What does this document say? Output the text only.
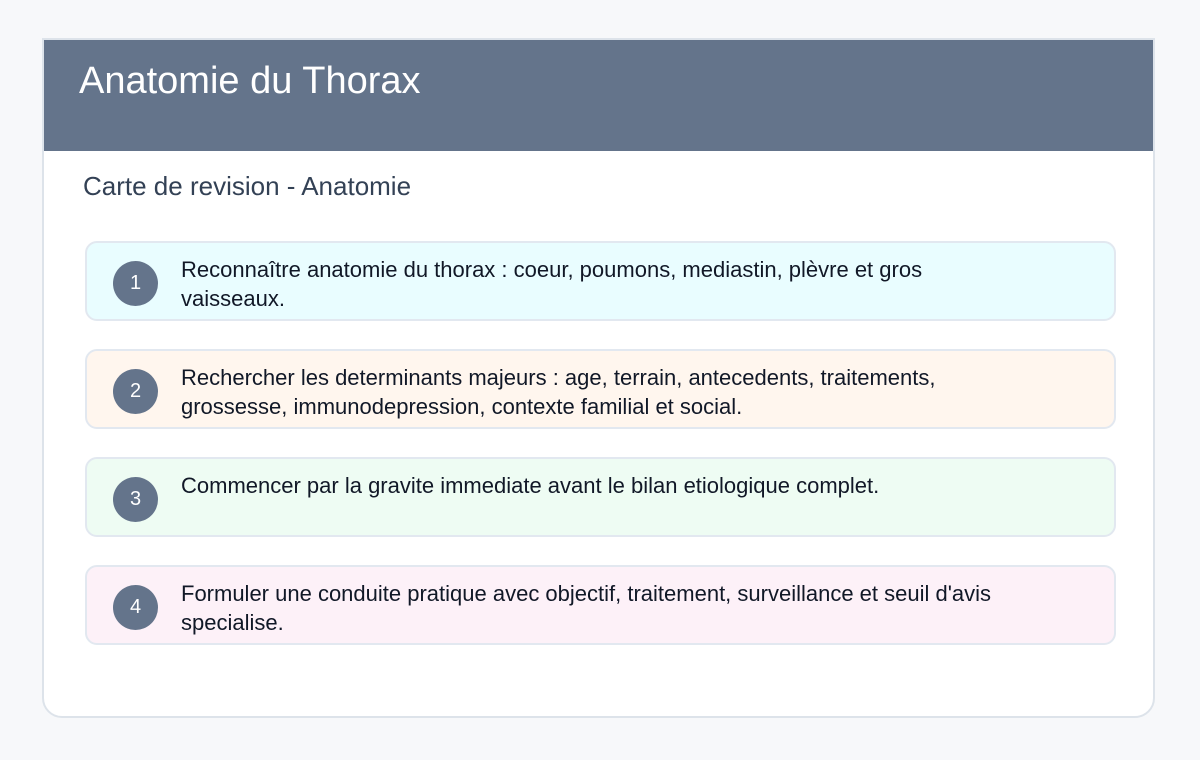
Anatomie du Thorax
Carte de revision - Anatomie
1
Reconnaître anatomie du thorax : coeur, poumons, mediastin, plèvre et gros vaisseaux.
2
Rechercher les determinants majeurs : age, terrain, antecedents, traitements, grossesse, immunodepression, contexte familial et social.
3
Commencer par la gravite immediate avant le bilan etiologique complet.
4
Formuler une conduite pratique avec objectif, traitement, surveillance et seuil d'avis specialise.
